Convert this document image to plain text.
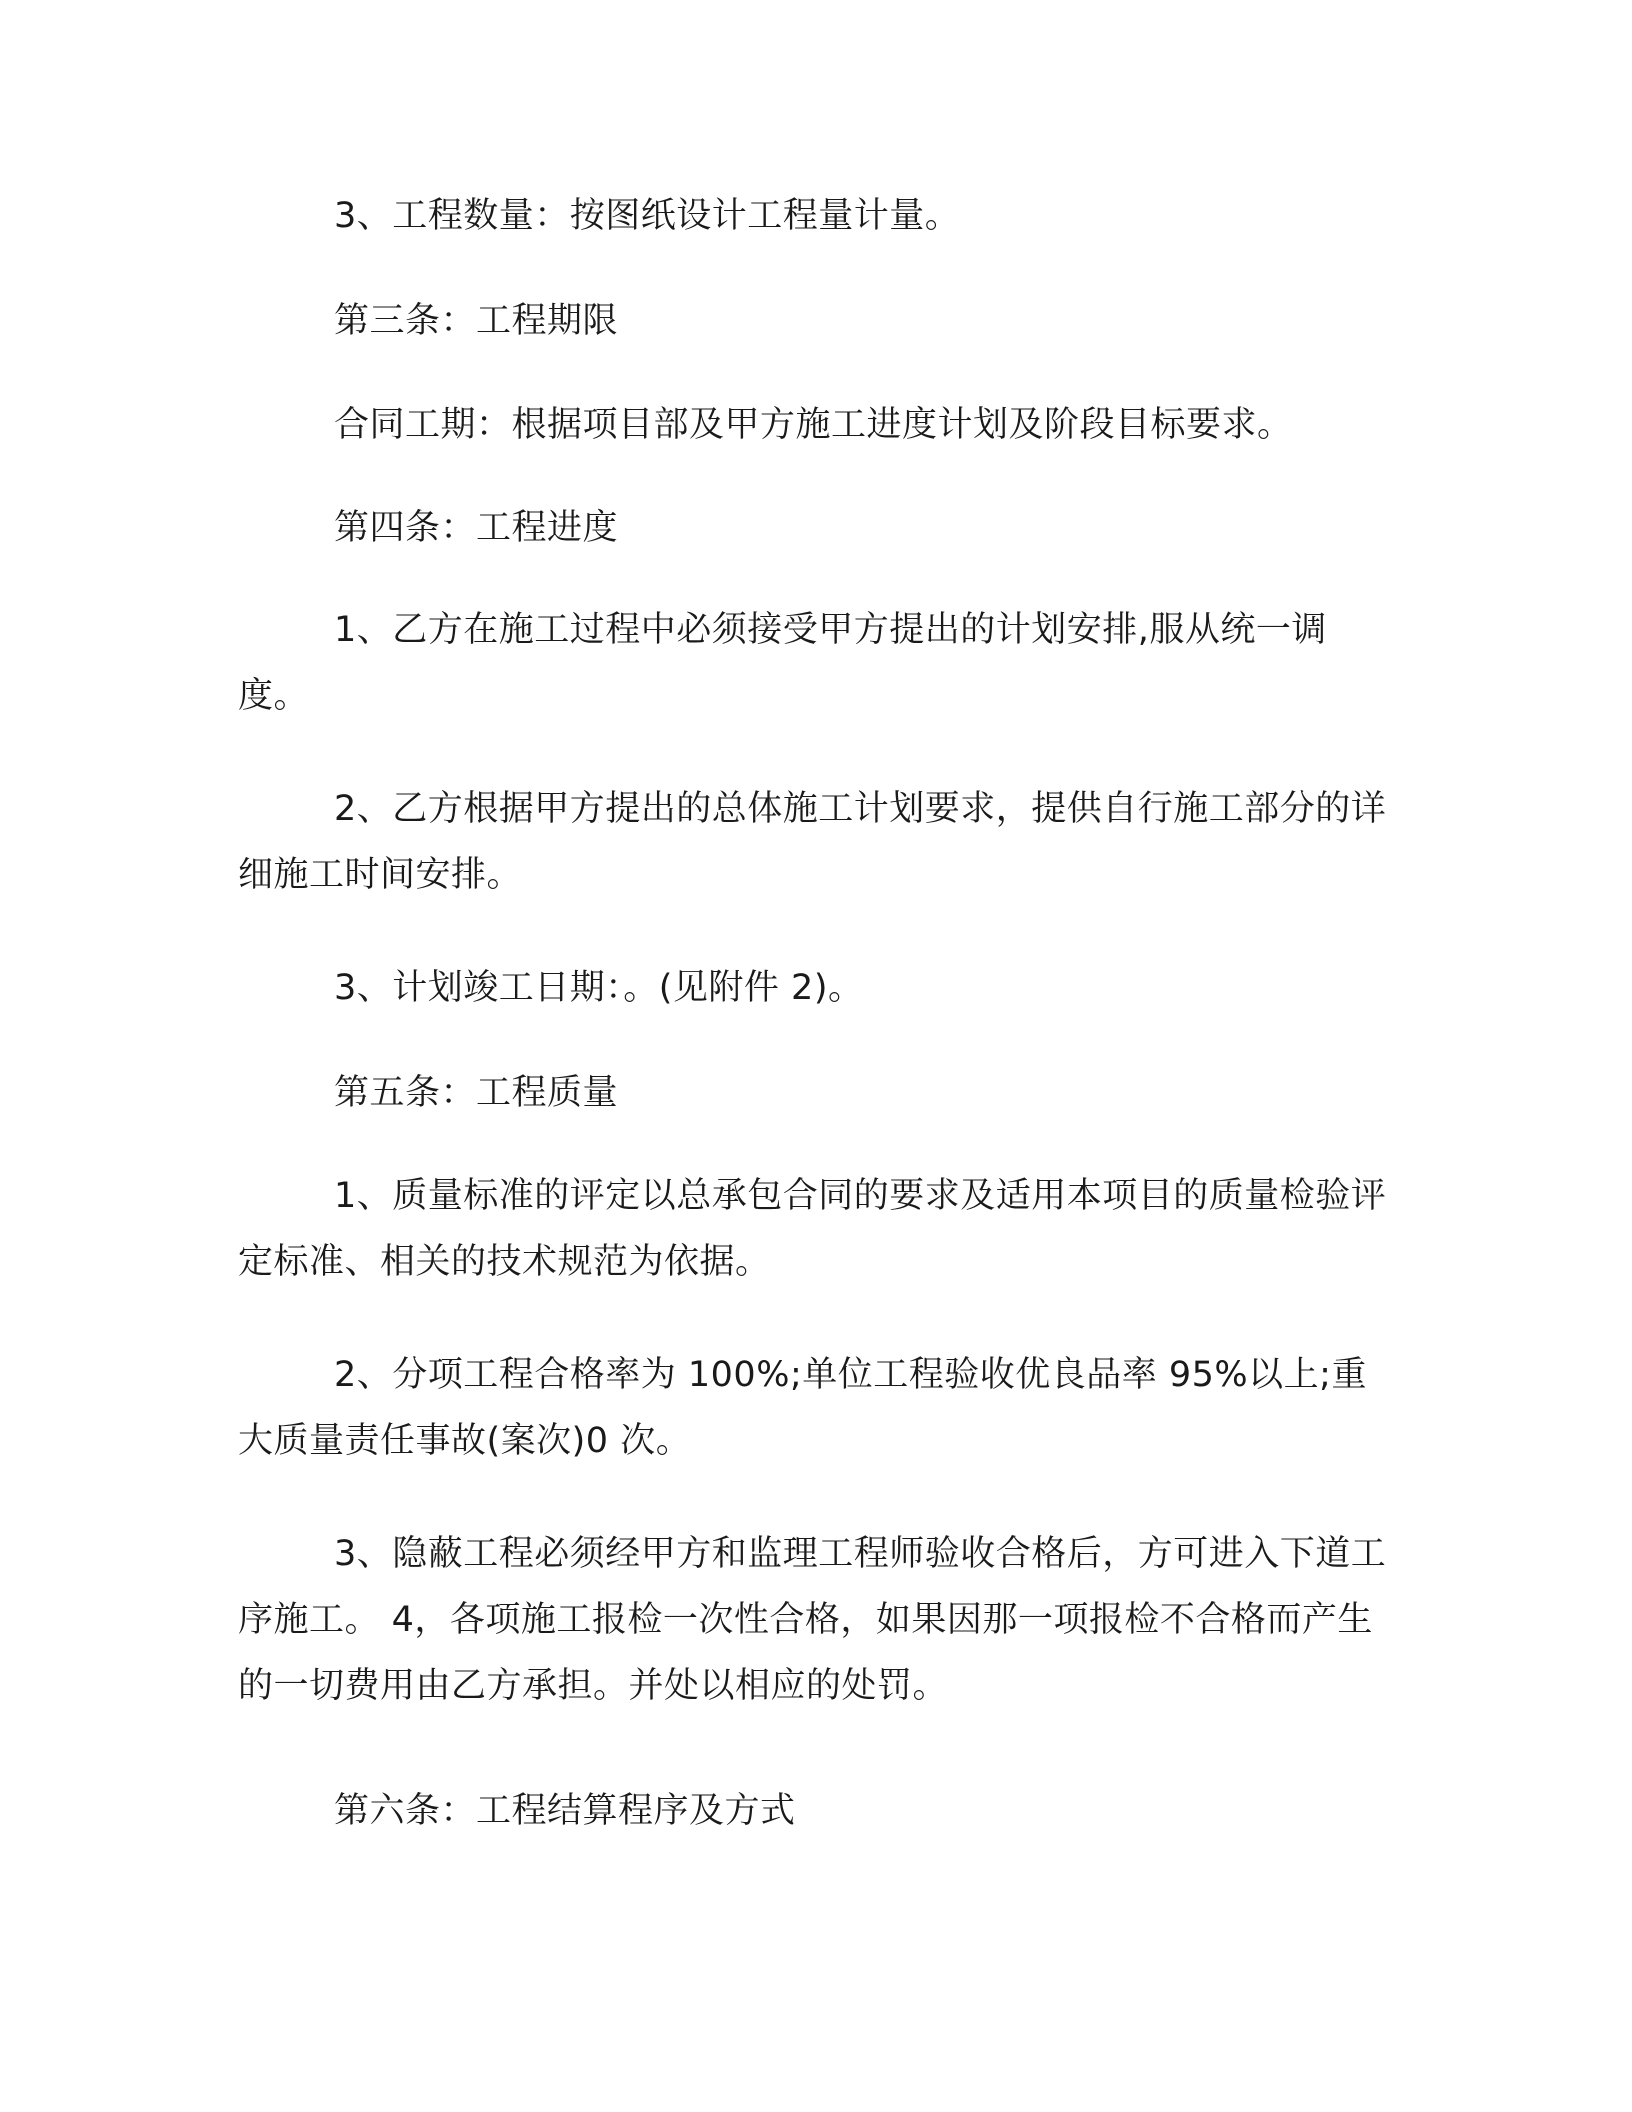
3、工程数量：按图纸设计工程量计量。

第三条：工程期限

合同工期：根据项目部及甲方施工进度计划及阶段目标要求。

第四条：工程进度

1、乙方在施工过程中必须接受甲方提出的计划安排,服从统一调度。

2、乙方根据甲方提出的总体施工计划要求，提供自行施工部分的详细施工时间安排。

3、计划竣工日期：。(见附件 2)。

第五条：工程质量

1、质量标准的评定以总承包合同的要求及适用本项目的质量检验评定标准、相关的技术规范为依据。

2、分项工程合格率为 100%;单位工程验收优良品率 95%以上;重大质量责任事故(案次)0 次。

3、隐蔽工程必须经甲方和监理工程师验收合格后，方可进入下道工序施工。 4，各项施工报检一次性合格，如果因那一项报检不合格而产生的一切费用由乙方承担。并处以相应的处罚。

第六条：工程结算程序及方式
